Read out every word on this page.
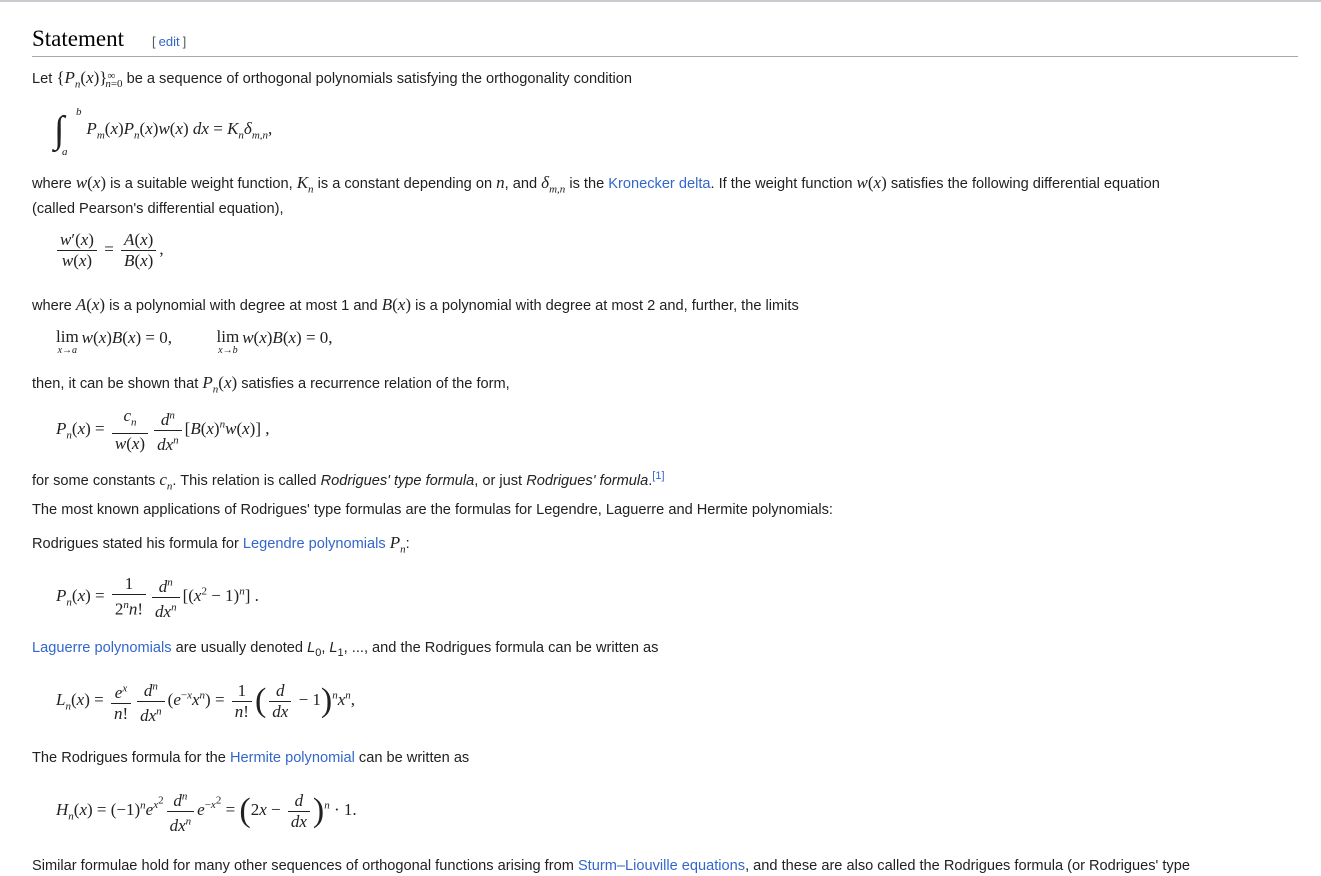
Statement [ edit ]
Let $\{P_n(x)\}_{\infty n=0}$ be a sequence of orthogonal polynomials satisfying the orthogonality condition
∫ b
a
$P_m(x)P_n(x)w(x)$ dx = $K_n\delta_{m,n}$,
where w(x) is a suitable weight function, $K_n$ is a constant depending on n, and $\delta_{m,n}$ is the Kronecker delta. If the weight function w(x) satisfies the following differential equation
(called Pearson's differential equation),
$\frac{w'(x)}{w(x)} = \frac{A(x)}{B(x)}$ ,
where A(x) is a polynomial with degree at most 1 and B(x) is a polynomial with degree at most 2 and, further, the limits
lim
x→a
w(x)B(x) = 0, lim
x→b
w(x)B(x) = 0,
then, it can be shown that $P_n(x)$ satisfies a recurrence relation of the form,
$P_n(x) = \frac{c_n}{w(x)} \frac{d^n}{dx^n} [B(x)^nw(x)]$ ,
for some constants $c_n$. This relation is called Rodrigues' type formula, or just Rodrigues' formula.[1]
The most known applications of Rodrigues' type formulas are the formulas for Legendre, Laguerre and Hermite polynomials:
Rodrigues stated his formula for Legendre polynomials $P_n$:
$P_n(x) = \frac{1}{2^nn!} \frac{d^n}{dx^n} [(x^2 - 1)^n]$ .
Laguerre polynomials are usually denoted $L_0$, $L_1$, ..., and the Rodrigues formula can be written as
$L_n(x) = \frac{e^x}{n!} \frac{d^n}{dx^n} (e^{-x}x^n) = \frac{1}{n!}$ ( $\frac{d}{dx} - 1)^nx^n$,
The Rodrigues formula for the Hermite polynomial can be written as
$H_n(x) = (-1)^ne^{x^2} \frac{d^n}{dx^n} e^{-x^2} = (2x - \frac{d}{dx} )^n \cdot 1$.
Similar formulae hold for many other sequences of orthogonal functions arising from Sturm–Liouville equations, and these are also called the Rodrigues formula (or Rodrigues' type
